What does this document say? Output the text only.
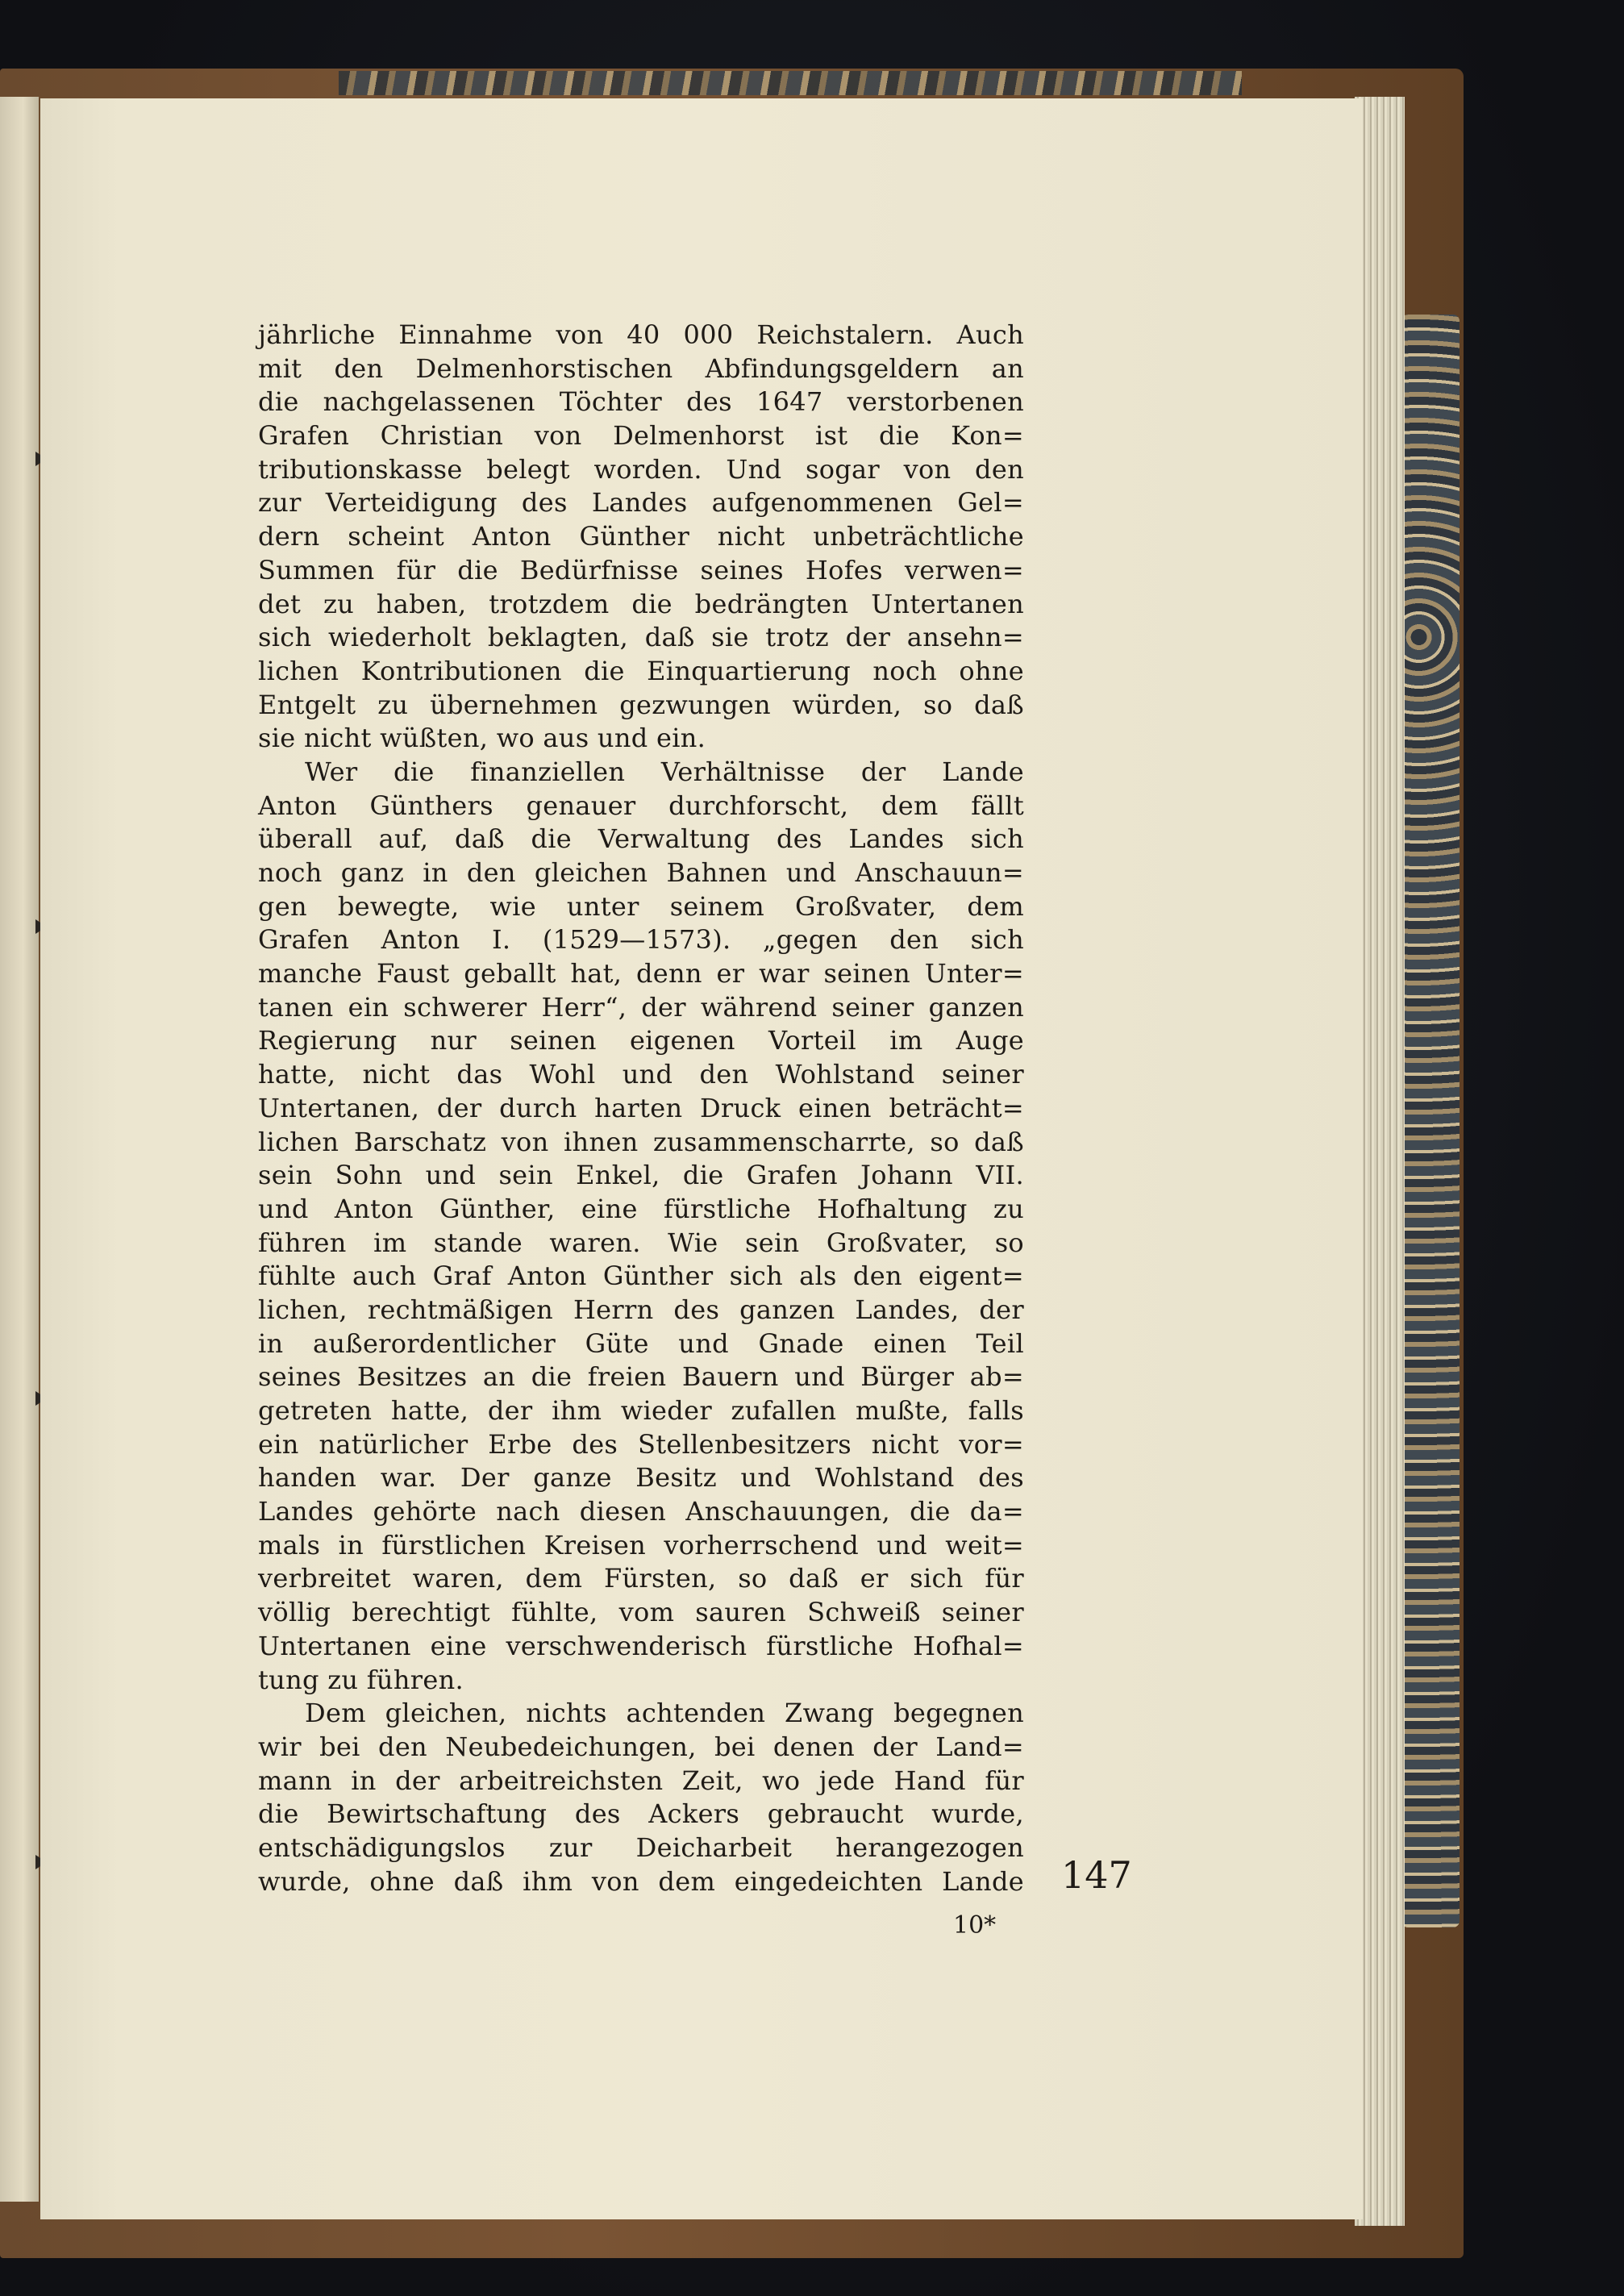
jährliche Einnahme von 40 000 Reichstalern. Auch
mit den Delmenhorstischen Abfindungsgeldern an
die nachgelassenen Töchter des 1647 verstorbenen
Grafen Christian von Delmenhorst ist die Kon=
tributionskasse belegt worden. Und sogar von den
zur Verteidigung des Landes aufgenommenen Gel=
dern scheint Anton Günther nicht unbeträchtliche
Summen für die Bedürfnisse seines Hofes verwen=
det zu haben, trotzdem die bedrängten Untertanen
sich wiederholt beklagten, daß sie trotz der ansehn=
lichen Kontributionen die Einquartierung noch ohne
Entgelt zu übernehmen gezwungen würden, so daß
sie nicht wüßten, wo aus und ein.
Wer die finanziellen Verhältnisse der Lande
Anton Günthers genauer durchforscht, dem fällt
überall auf, daß die Verwaltung des Landes sich
noch ganz in den gleichen Bahnen und Anschauun=
gen bewegte, wie unter seinem Großvater, dem
Grafen Anton I. (1529—1573). „gegen den sich
manche Faust geballt hat, denn er war seinen Unter=
tanen ein schwerer Herr“, der während seiner ganzen
Regierung nur seinen eigenen Vorteil im Auge
hatte, nicht das Wohl und den Wohlstand seiner
Untertanen, der durch harten Druck einen beträcht=
lichen Barschatz von ihnen zusammenscharrte, so daß
sein Sohn und sein Enkel, die Grafen Johann VII.
und Anton Günther, eine fürstliche Hofhaltung zu
führen im stande waren. Wie sein Großvater, so
fühlte auch Graf Anton Günther sich als den eigent=
lichen, rechtmäßigen Herrn des ganzen Landes, der
in außerordentlicher Güte und Gnade einen Teil
seines Besitzes an die freien Bauern und Bürger ab=
getreten hatte, der ihm wieder zufallen mußte, falls
ein natürlicher Erbe des Stellenbesitzers nicht vor=
handen war. Der ganze Besitz und Wohlstand des
Landes gehörte nach diesen Anschauungen, die da=
mals in fürstlichen Kreisen vorherrschend und weit=
verbreitet waren, dem Fürsten, so daß er sich für
völlig berechtigt fühlte, vom sauren Schweiß seiner
Untertanen eine verschwenderisch fürstliche Hofhal=
tung zu führen.
Dem gleichen, nichts achtenden Zwang begegnen
wir bei den Neubedeichungen, bei denen der Land=
mann in der arbeitreichsten Zeit, wo jede Hand für
die Bewirtschaftung des Ackers gebraucht wurde,
entschädigungslos zur Deicharbeit herangezogen
wurde, ohne daß ihm von dem eingedeichten Lande 147
10*
